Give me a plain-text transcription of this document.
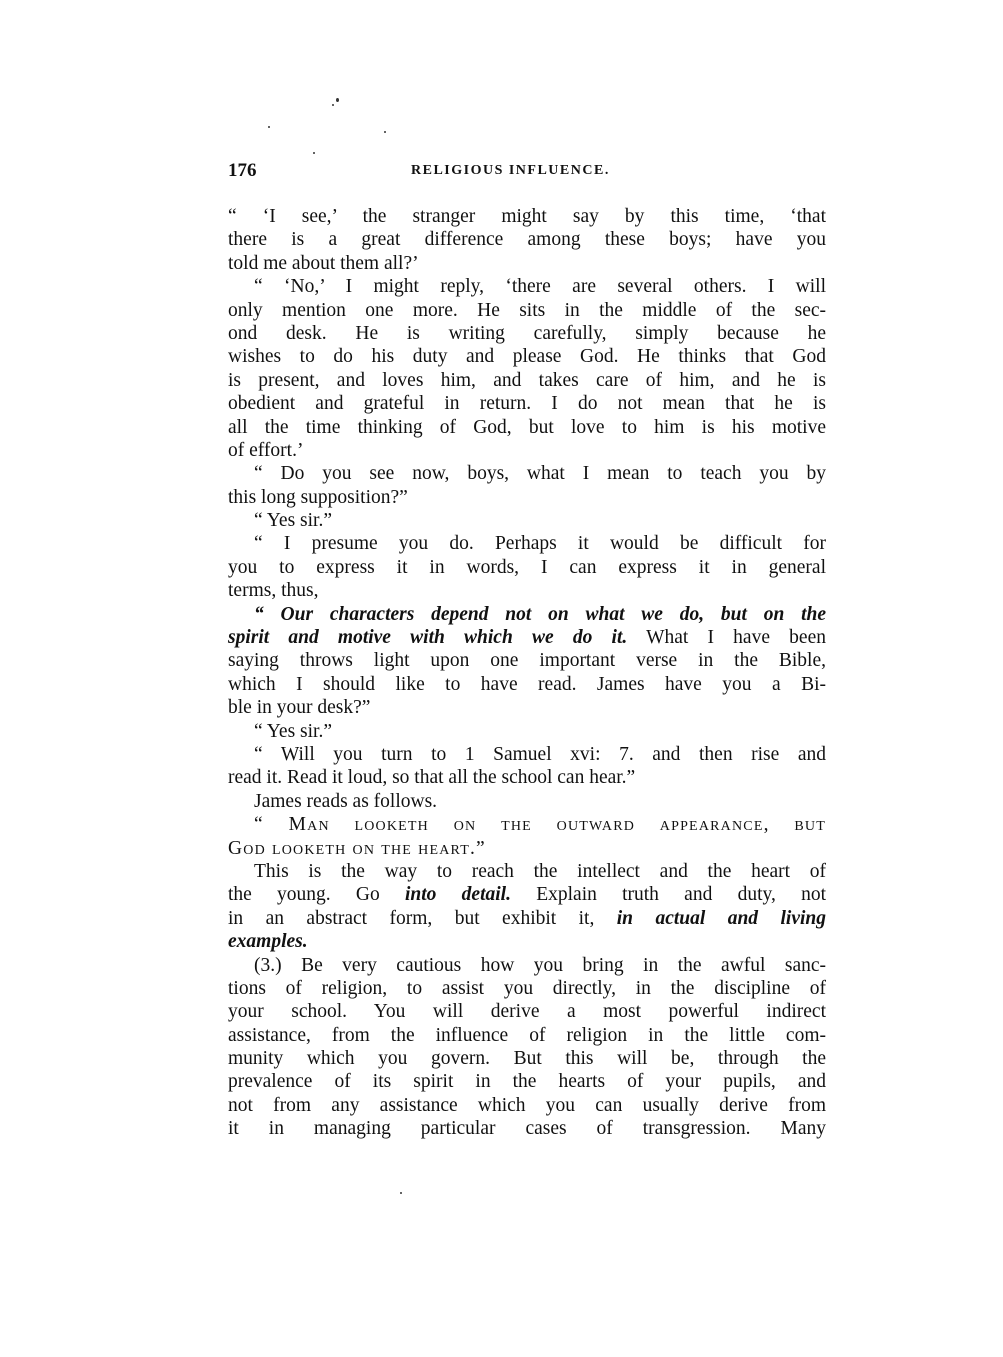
176	RELIGIOUS INFLUENCE.
“ ‘I see,’ the stranger might say by this time, ‘that
there is a great difference among these boys; have you
told me about them all?’
“ ‘No,’ I might reply, ‘there are several others. I will
only mention one more. He sits in the middle of the sec-
ond desk. He is writing carefully, simply because he
wishes to do his duty and please God. He thinks that God
is present, and loves him, and takes care of him, and he is
obedient and grateful in return. I do not mean that he is
all the time thinking of God, but love to him is his motive
of effort.’
“ Do you see now, boys, what I mean to teach you by
this long supposition?”
“ Yes sir.”
“ I presume you do. Perhaps it would be difficult for
you to express it in words, I can express it in general
terms, thus,
“ Our characters depend not on what we do, but on the
spirit and motive with which we do it. What I have been
saying throws light upon one important verse in the Bible,
which I should like to have read. James have you a Bi-
ble in your desk?”
“ Yes sir.”
“ Will you turn to 1 Samuel xvi: 7. and then rise and
read it. Read it loud, so that all the school can hear.”
James reads as follows.
“ Man looketh on the outward appearance, but
God looketh on the heart.”
This is the way to reach the intellect and the heart of
the young. Go into detail. Explain truth and duty, not
in an abstract form, but exhibit it, in actual and living
examples.
(3.) Be very cautious how you bring in the awful sanc-
tions of religion, to assist you directly, in the discipline of
your school. You will derive a most powerful indirect
assistance, from the influence of religion in the little com-
munity which you govern. But this will be, through the
prevalence of its spirit in the hearts of your pupils, and
not from any assistance which you can usually derive from
it in managing particular cases of transgression. Many
